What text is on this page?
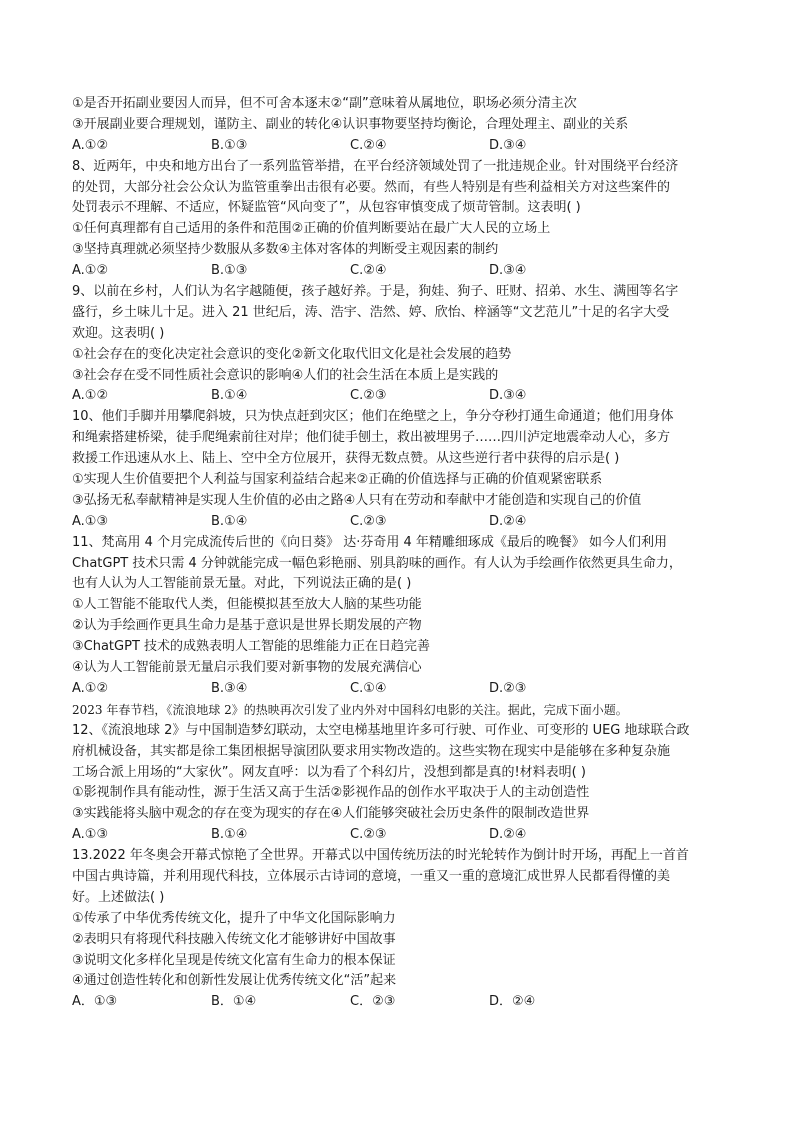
①是否开拓副业要因人而异，但不可舍本逐末②“副”意味着从属地位，职场必须分清主次
③开展副业要合理规划，谨防主、副业的转化④认识事物要坚持均衡论，合理处理主、副业的关系
A.①②	B.①③	C.②④	D.③④
8、近两年，中央和地方出台了一系列监管举措，在平台经济领域处罚了一批违规企业。针对围绕平台经济
的处罚，大部分社会公众认为监管重拳出击很有必要。然而，有些人特别是有些利益相关方对这些案件的
处罚表示不理解、不适应，怀疑监管“风向变了”，从包容审慎变成了烦苛管制。这表明( )
①任何真理都有自己适用的条件和范围②正确的价值判断要站在最广大人民的立场上
③坚持真理就必须坚持少数服从多数④主体对客体的判断受主观因素的制约
A.①②	B.①③	C.②④	D.③④
9、以前在乡村，人们认为名字越随便，孩子越好养。于是，狗娃、狗子、旺财、招弟、水生、满囤等名字
盛行，乡土味儿十足。进入 21 世纪后，涛、浩宇、浩然、婷、欣怡、梓涵等“文艺范儿”十足的名字大受
欢迎。这表明( )
①社会存在的变化决定社会意识的变化②新文化取代旧文化是社会发展的趋势
③社会存在受不同性质社会意识的影响④人们的社会生活在本质上是实践的
A.①②	B.①④	C.②③	D.③④
10、他们手脚并用攀爬斜坡，只为快点赶到灾区；他们在绝壁之上，争分夺秒打通生命通道；他们用身体
和绳索搭建桥梁，徒手爬绳索前往对岸；他们徒手刨土，救出被埋男子……四川泸定地震牵动人心，多方
救援工作迅速从水上、陆上、空中全方位展开，获得无数点赞。从这些逆行者中获得的启示是( )
①实现人生价值要把个人利益与国家利益结合起来②正确的价值选择与正确的价值观紧密联系
③弘扬无私奉献精神是实现人生价值的必由之路④人只有在劳动和奉献中才能创造和实现自己的价值
A.①③	B.①④	C.②③	D.②④
11、梵高用 4 个月完成流传后世的《向日葵》 达·芬奇用 4 年精雕细琢成《最后的晚餐》 如今人们利用
ChatGPT 技术只需 4 分钟就能完成一幅色彩艳丽、别具韵味的画作。有人认为手绘画作依然更具生命力，
也有人认为人工智能前景无量。对此，下列说法正确的是( )
①人工智能不能取代人类，但能模拟甚至放大人脑的某些功能
②认为手绘画作更具生命力是基于意识是世界长期发展的产物
③ChatGPT 技术的成熟表明人工智能的思维能力正在日趋完善
④认为人工智能前景无量启示我们要对新事物的发展充满信心
A.①②	B.③④	C.①④	D.②③
2023 年春节档，《流浪地球 2》的热映再次引发了业内外对中国科幻电影的关注。据此，完成下面小题。
12、《流浪地球 2》与中国制造梦幻联动，太空电梯基地里许多可行驶、可作业、可变形的 UEG 地球联合政
府机械设备，其实都是徐工集团根据导演团队要求用实物改造的。这些实物在现实中是能够在多种复杂施
工场合派上用场的“大家伙”。网友直呼：以为看了个科幻片，没想到都是真的!材料表明( )
①影视制作具有能动性，源于生活又高于生活②影视作品的创作水平取决于人的主动创造性
③实践能将头脑中观念的存在变为现实的存在④人们能够突破社会历史条件的限制改造世界
A.①③	B.①④	C.②③	D.②④
13.2022 年冬奥会开幕式惊艳了全世界。开幕式以中国传统历法的时光轮转作为倒计时开场，再配上一首首
中国古典诗篇，并利用现代科技，立体展示古诗词的意境，一重又一重的意境汇成世界人民都看得懂的美
好。上述做法( )
①传承了中华优秀传统文化，提升了中华文化国际影响力
②表明只有将现代科技融入传统文化才能够讲好中国故事
③说明文化多样化呈现是传统文化富有生命力的根本保证
④通过创造性转化和创新性发展让优秀传统文化“活”起来
A．①③	B．①④	C．②③	D．②④
